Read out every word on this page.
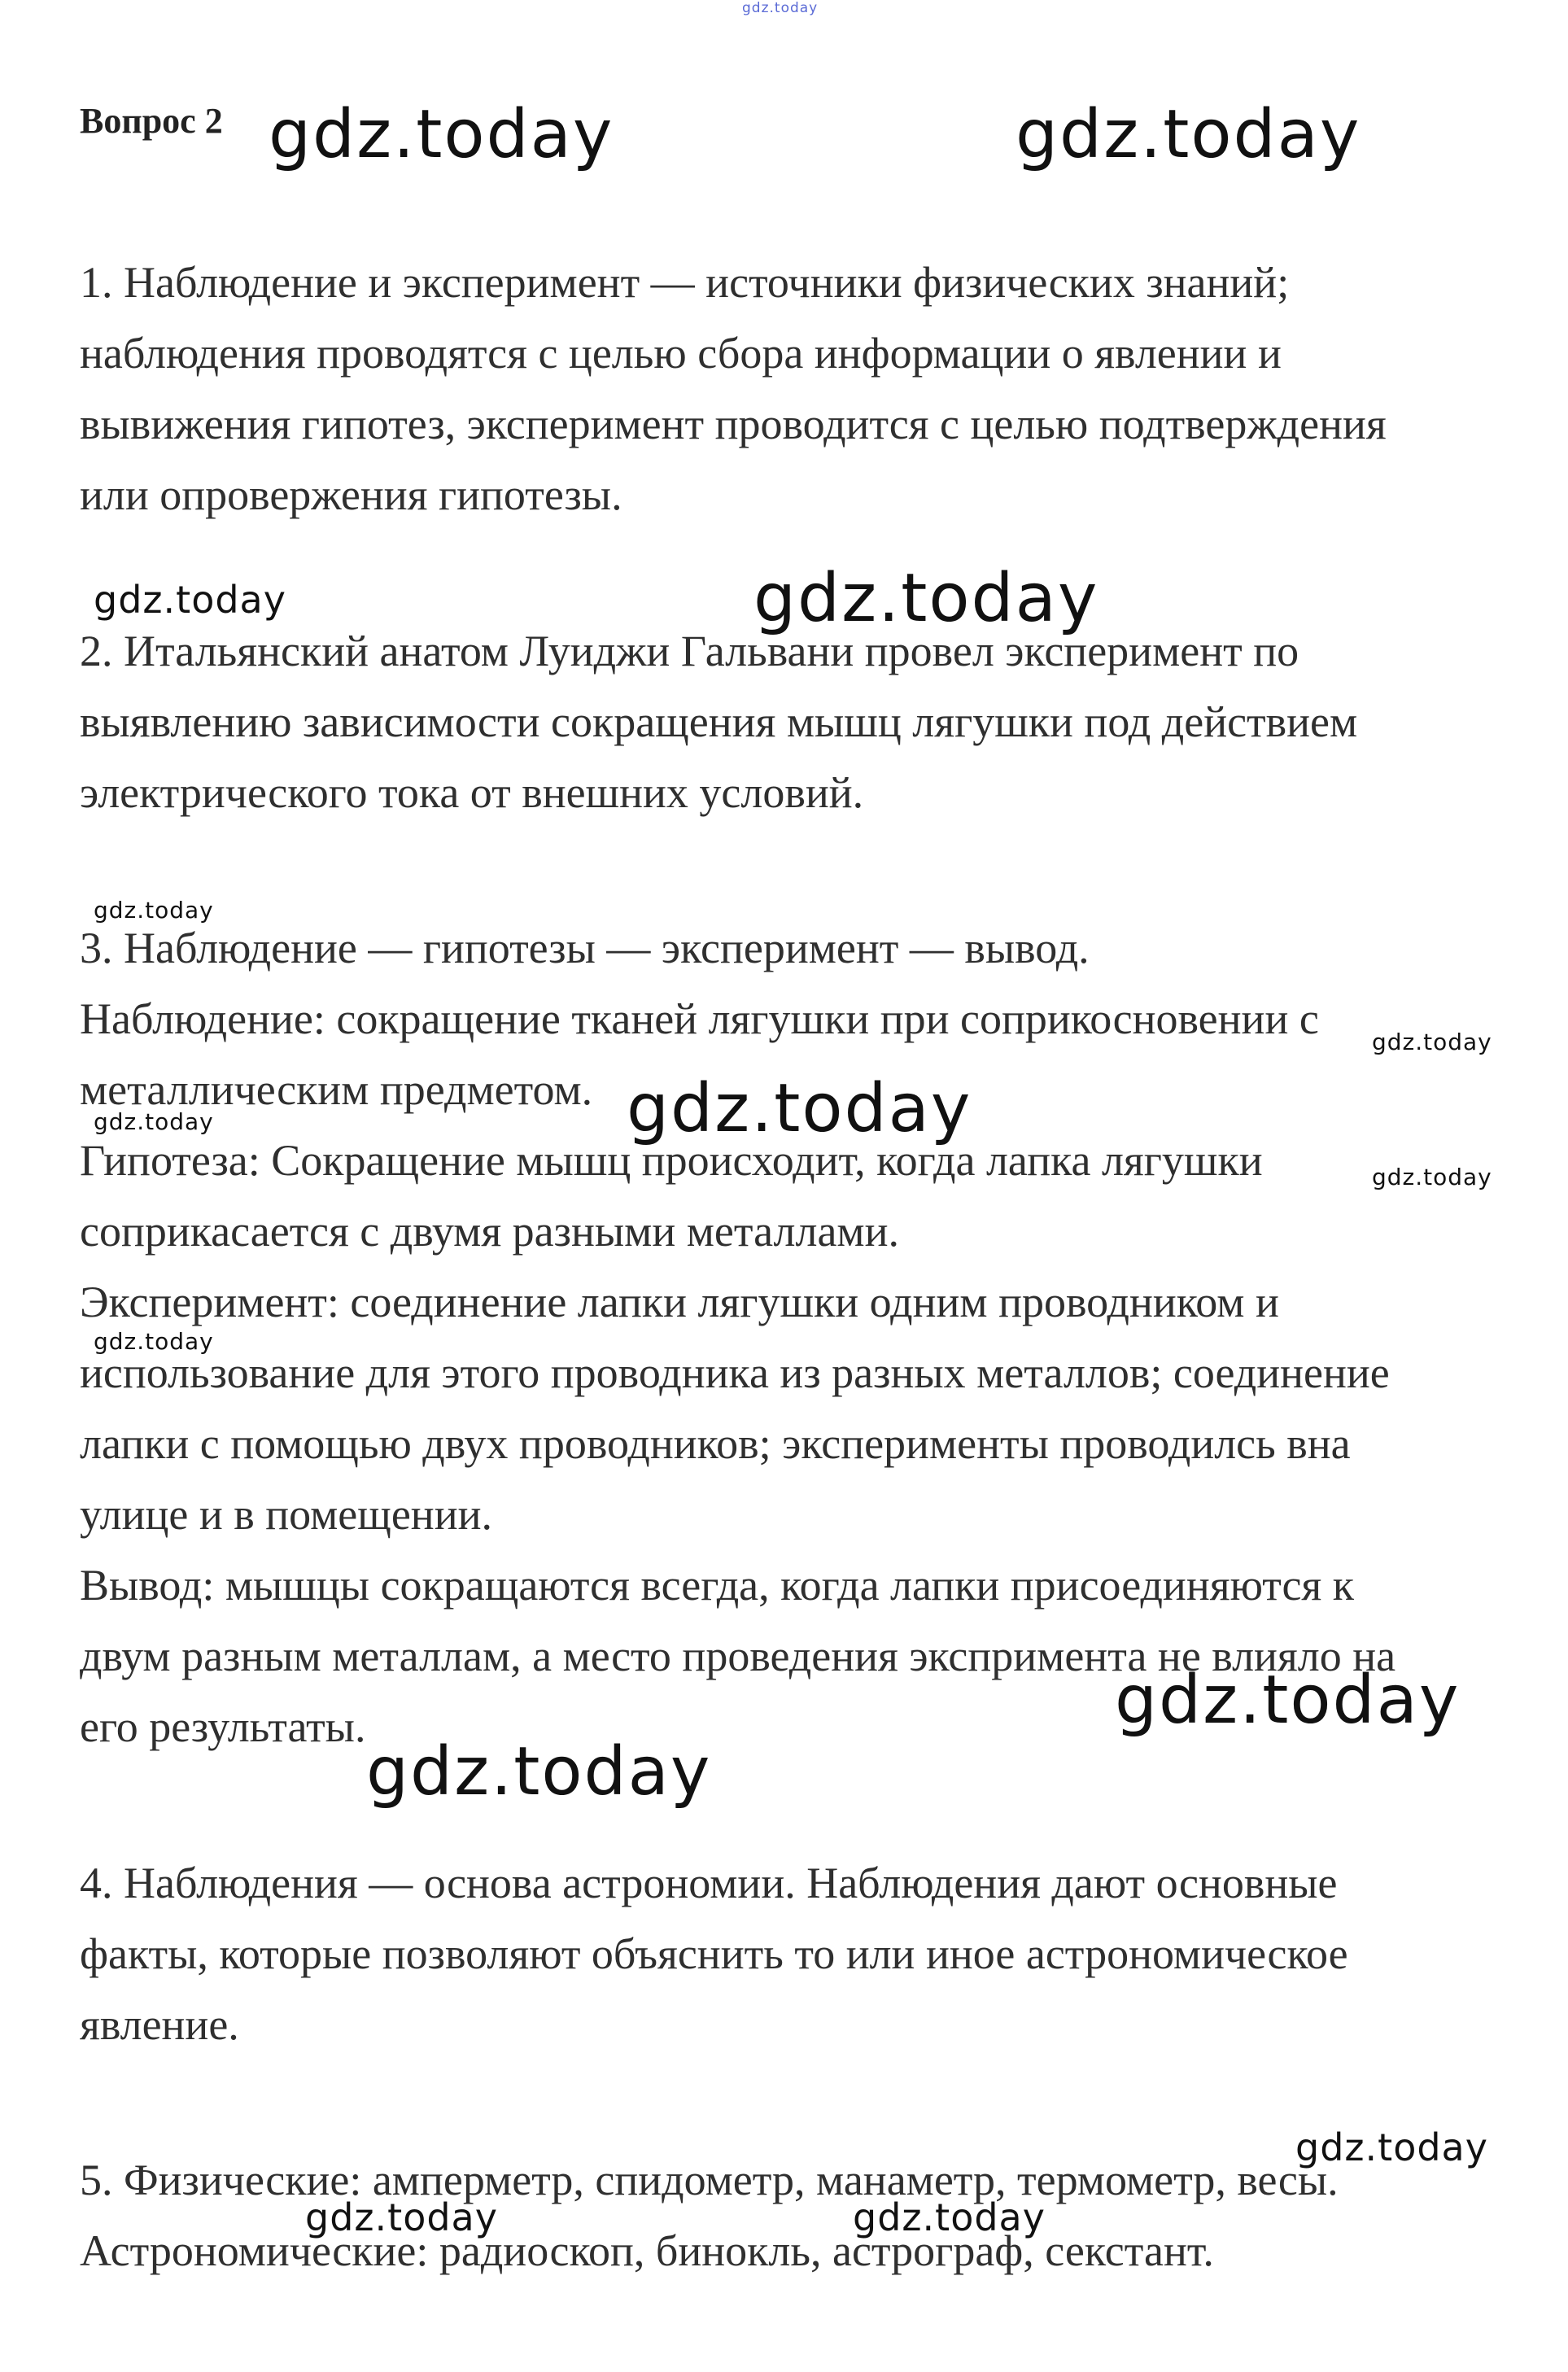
Вопрос 2
1. Наблюдение и эксперимент — источники физических знаний;
наблюдения проводятся с целью сбора информации о явлении и
вывижения гипотез, эксперимент проводится с целью подтверждения
или опровержения гипотезы.
2. Итальянский анатом Луиджи Гальвани провел эксперимент по
выявлению зависимости сокращения мышц лягушки под действием
электрического тока от внешних условий.
3. Наблюдение — гипотезы — эксперимент — вывод.
Наблюдение: сокращение тканей лягушки при соприкосновении с
металлическим предметом.
Гипотеза: Сокращение мышц происходит, когда лапка лягушки
соприкасается с двумя разными металлами.
Эксперимент: соединение лапки лягушки одним проводником и
использование для этого проводника из разных металлов; соединение
лапки с помощью двух проводников; эксперименты проводилсь вна
улице и в помещении.
Вывод: мышцы сокращаются всегда, когда лапки присоединяются к
двум разным металлам, а место проведения экспримента не влияло на
его результаты.
4. Наблюдения — основа астрономии. Наблюдения дают основные
факты, которые позволяют объяснить то или иное астрономическое
явление.
5. Физические: амперметр, спидометр, манаметр, термометр, весы.
Астрономические: радиоскоп, бинокль, астрограф, секстант.
gdz.today
gdz.today	gdz.today
gdz.today	gdz.today
gdz.today
gdz.today
gdz.today
gdz.today
gdz.today
gdz.today
gdz.today
gdz.today
gdz.today
gdz.today	gdz.today
